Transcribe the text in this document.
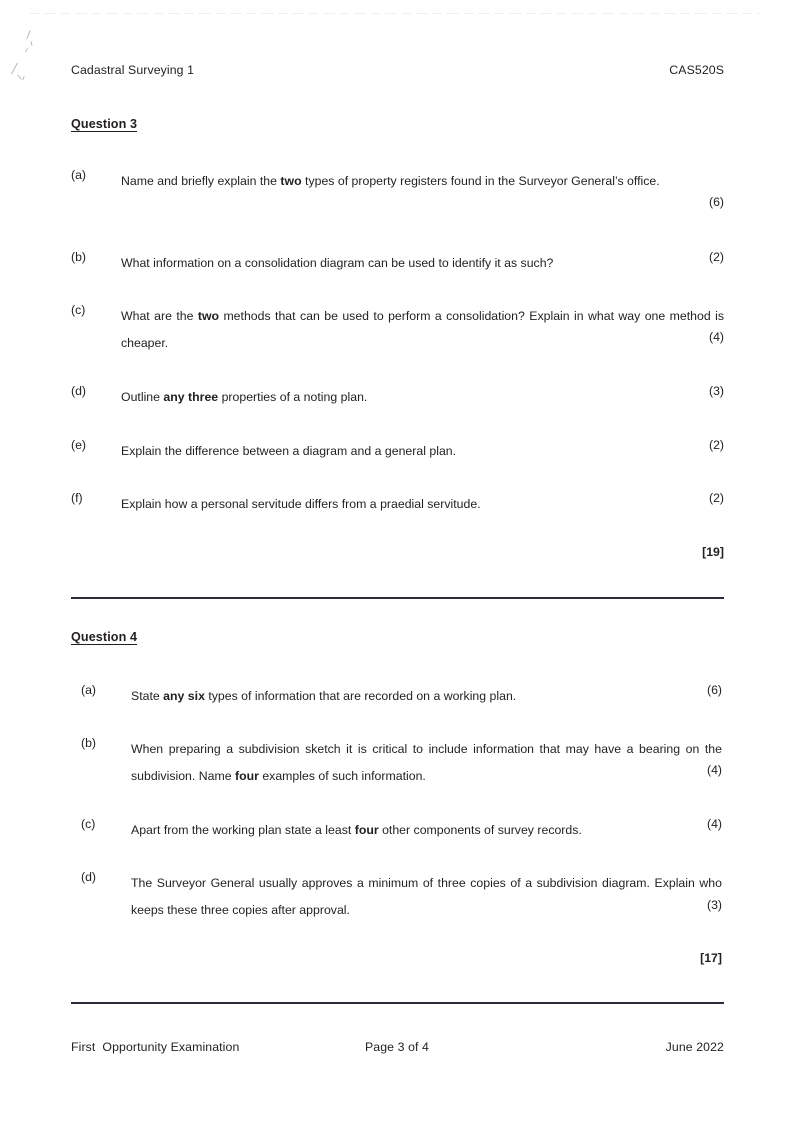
Cadastral Surveying 1	CAS520S
Question 3
(a)	Name and briefly explain the two types of property registers found in the Surveyor General’s office.
(6)
(b)	What information on a consolidation diagram can be used to identify it as such?	(2)
(c)	What are the two methods that can be used to perform a consolidation? Explain in what way one method is cheaper.	(4)
(d)	Outline any three properties of a noting plan.	(3)
(e)	Explain the difference between a diagram and a general plan.	(2)
(f)	Explain how a personal servitude differs from a praedial servitude.	(2)
[19]
Question 4
(a)	State any six types of information that are recorded on a working plan.	(6)
(b)	When preparing a subdivision sketch it is critical to include information that may have a bearing on the subdivision. Name four examples of such information.	(4)
(c)	Apart from the working plan state a least four other components of survey records.	(4)
(d)	The Surveyor General usually approves a minimum of three copies of a subdivision diagram. Explain who keeps these three copies after approval.	(3)
[17]
First  Opportunity Examination	Page 3 of 4	June 2022
